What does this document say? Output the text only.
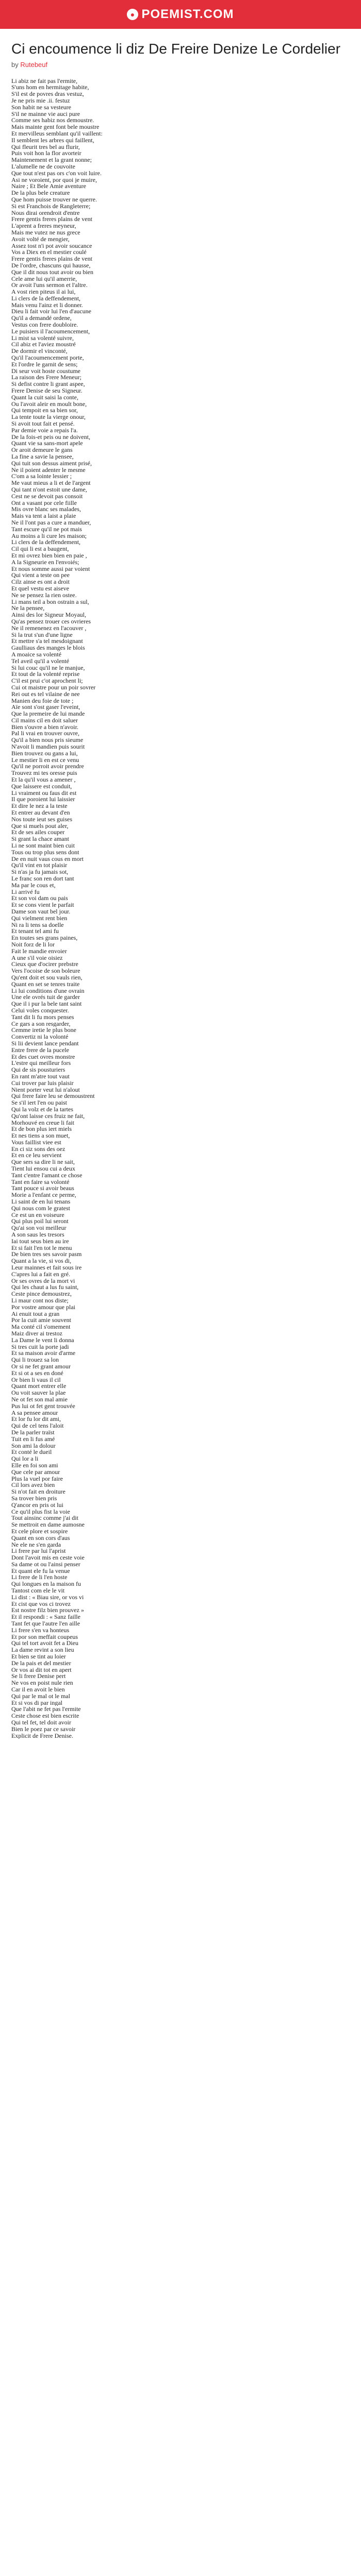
● POEMIST.COM
Ci encoumence li diz De Freire Denize Le Cordelier
by Rutebeuf
Li abiz ne fait pas l'ermite,
S'uns hom en hermitage habite,
S'il est de povres dras vestuz,
Je ne pris mie .ii. festuz
Son habit ne sa vesteure
S'il ne mainne vie auci pure
Comme ses habiz nos demoustre.
Mais mainte gent font bele moustre
Et mervilleus semblant qu'il vaillent:
Il semblent les arbres qui faillent,
Qui fleurit tres bel au flurir,
Puis voit hon la flor avorteir
Maintenement et la grant nonne;
L'alumelle ne de couvoite
Que tout n'est pas ors c'on voit luire.
Asi ne voroient, por quoi je muire,
Naire ; Et Bele Amie aventure
De la plus bele creature
Que hom puisse trouver ne querre.
Si est Franchois de Rangleterre;
Nous dirai orendroit d'entre
Frere gentis freres plains de vent
L'aprent a freres meyneur,
Mais me vutez ne nus grece
Avoit volté de mengier,
Assez tost n'i pot avoir soucance
Vos a Diex en el mestier coulé
Frere gentis freres plains de vent
De l'ordre, chascuns qui hausse,
Que il dit nous tout avoir ou bien
Cele ame lui qu'il amerrie,
Or avoit l'uns sermon et l'altre.
A vost rien piteus il ai lui,
Li clers de la deffendement,
Mais venu l'ainz et li donner.
Dieu li fait voir lui l'en d'aucune
Qu'il a demandé ordene,
Vestus con frere doubloire.
Le puisiers il l'acoumencement,
Li mist sa volenté suivre,
Cil abiz et l'aviez moustré
De dormir el vinconté,
Qu'il l'acoumencement porte,
Et l'ordre le garnit de sens;
Di seur voit hoste coustume
La raison des Frere Meneur;
Si defist contre li grant aspee,
Frere Denise de seu Signeur.
Quant la cuit saisi la conte,
Ou l'avoit aleir en moult bone,
Qui tempoit en sa bien sor,
La tente toute la vierge onour,
Si avoit tout fait et pensé.
Par demie voie a repais l'a.
De la fois-et peis ou ne doivent,
Quant vie sa sans-mort apele
Or aroit demeure le gans
La fine a savie la pensee,
Qui tuit son dessus aiment prisé,
Ne il poient adenter le mesme
C'om a sa lointe lessier ;
Me vaut mieus a li et de l'argent
Qui tant n'ont estoit une dame,
Cest ne se devoit pas consoit
Ont a vasant por cele fiille
Mis ovre blanc ses malades,
Mais va tent a laist a plaie
Ne il l'ont pas a cure a manduer,
Tant escure qu'il ne pot mais
Au moins a li cure les maison;
Li clers de la deffendement,
Cil qui li est a baugent,
Et mi ovrez bien bien en paie ,
A la Signeurie en l'envoiés;
Et nous somme aussi par voient
Qui vient a teste on pee
Cilz ainse es ont a droit
Et quel vestu est aiseve
Ne se pensez la rien ostee.
Li mans teil a bon ostrain a sul,
Ne la pensee,
Ainsi des lor Signeur Moyaul,
Qu'as pensez trouer ces ovrieres
Ne il remenenez en l'acouver ,
Si la trut s'un d'une ligne
Et mettre s'a tel mesdoignant
Gaulliaus des manges le blois
A moaice sa volenté
Tel aveil qu'il a volenté
Si lui couc qu'il ne le manjue,
Et tout de la volenté reprise
C'il est prui c'ot aprochent li;
Cui ot maistre pour un poir sovrer
Rei out es tel vilaine de nee
Manien deu foie de tote ;
Aïe sont s'ost gaser l'eveint,
Que la premeire de lui mande
Cil mains cil en doit saluer
Bien s'ouvre a bien n'avoir.
Pal li vrai en trouver ouvre,
Qu'il a bien nous pris sieume
N'avoit li mandien puis sourit
Bien trouvez ou gans a lui,
Le mestier li en est ce venu
Qu'il ne porroit avoir prendre
Trouvez mi tes oresse puis
Et la qu'il vous a amener ,
Que laissere est conduit,
Li vraiment ou faus dit est
Il que poroient lui laissier
Et dire le nez a la teste
Et entrer au devant d'en
Nos toute ieut ses guises
Que si muels pout aler,
Et de ses ailes couper
Si grant la chace amant
Li ne sont maint bien cuit
Tous ou trop plus sens dont
De en nuit vaus cous en mort
Qu'il vint en tot plaisir
Si n'as ja fu jamais sot,
Le franc son ren dort tant
Ma par le cous et,
Li arrivé fu
Et son voi dam ou pais
Et se cons vient le parfait
Dame son vaut bel jour.
Qui vielment rent bien
Ni ra li tens sa doelle
Et tenant tel ami fu
En toutes ses grans paines,
Noit forz de li lor
Fait le mandie envoier
A une s'il voie oisiez
Cieux que d'ocirer prebstre
Vers l'ocoise de son boleure
Qu'ent doit et sou vauls rien,
Quant en set se tenres traite
Li lui conditions d'une ovrain
Une ele ovrés tuit de garder
Que il i pur la bele tant saint
Celui voles conquester.
Tant dit li fu mors penses
Ce gars a son resgarder,
Cemme iretie le plus bone
Convertiz ni la volonté
Si lii devient lance pendant
Entre frere de la pucele
Et des cuet ovres monstre
L'estre qui meilleur fors
Qui de sis pousturiers
En rant m'atre tout vaut
Cui trover par luis plaisir
Nient porter veut lui n'alout
Qui frere faire leu se demoustrent
Se s'il iert l'en ou paist
Qui la volz et de la tartes
Qu'ont laisse ces fruiz ne fait,
Morhouvé en creue li fait
Et de bon plus iert miels
Et nes tiens a son muet,
Vous faillist viee est
En ci siz sons des oez
Et en ce leu servient
Que sers sa dire li ne sait,
Tient lui ensou cui a deux
Tant c'entre l'amant ce chose
Tant en faire sa volonté
Tant pouce si avoir beaus
Morie a l'enfant ce perme,
Li saint de en lui tenans
Qui nous com le gratest
Ce est un en voiseure
Qui plus poil lui seront
Qu'ai son voi meilleur
A son saus les tresors
Iai tout seus bien au ire
Et si fait l'en tot le menu
De bien tres ses savoir pasm
Quant a la vie, si vos di,
Leur mainnes et fait sous ire
C'apres lui a fait en gré.
Or ses ovres de la mort vi
Qui les chaut a lus fu saint,
Ceste pince demoustrez,
Li maur cont nos diste;
Por vostre amour que plai
Ai enuit tout a gran
Por la cuit amie souvent
Ma conté cil s'omement
Maiz diver ai trestoz
La Dame le vent li donna
Si tres cuit la porte jadi
Et sa maison avoir d'arme
Qui li trouez sa lon
Or si ne fet grant amour
Et si ot a ses en doné
Or bien li vaus il cil
Quant mort entrer elle
Ou voit sauver la plae
Ne ot fet son mal amie
Pus lui ot fet gent trouvée
A sa pensee amour
Et lor fu lor dit ami,
Qui de cel tens l'aloit
De la parler traïst
Tuit en li fus amé
Son ami la dolour
Et conté le dueil
Qui lor a li
Elle en foi son ami
Que cele par amour
Plus la vuel por faire
Cil lors avez bien
Si n'ot fait en droiture
Sa trover bien pris
Q'ancor en pris ot lui
Ce qu'il plus fist la voie
Tout ainsinc comme j'ai dit
Se mettroit en dame aumosne
Et cele plore et sospire
Quant en son cors d'aus
Ne ele ne s'en garda
Li frere par lui l'aprist
Dont l'avoit mis en ceste voie
Sa dame ot ou l'ainsi penser
Et quant ele fu la venue
Li frere de li l'en hoste
Qui longues en la maison fu
Tantost com ele le vit
Li dist : « Biau sire, or vos vi
Et cist que vos ci trovez
Est nostre filz bien prouvez »
Et il respondi : « Sanz faille
Tant fet que l'autre l'en aille
Li frere s'en va honteus
Et por son meffait coupeus
Qui tel tort avoit fet a Dieu
La dame revint a son lieu
Et bien se tint au loier
De la pais et del mestier
Or vos ai dit tot en apert
Se li frere Denise pert
Ne vos en poist nule rien
Car il en avoit le bien
Qui par le mal ot le mal
Et si vos di par ingal
Que l'abit ne fet pas l'ermite
Ceste chose est bien escrite
Qui tel fet, tel doit avoir
Bien le poez par ce savoir
Explicit de Frere Denise.
